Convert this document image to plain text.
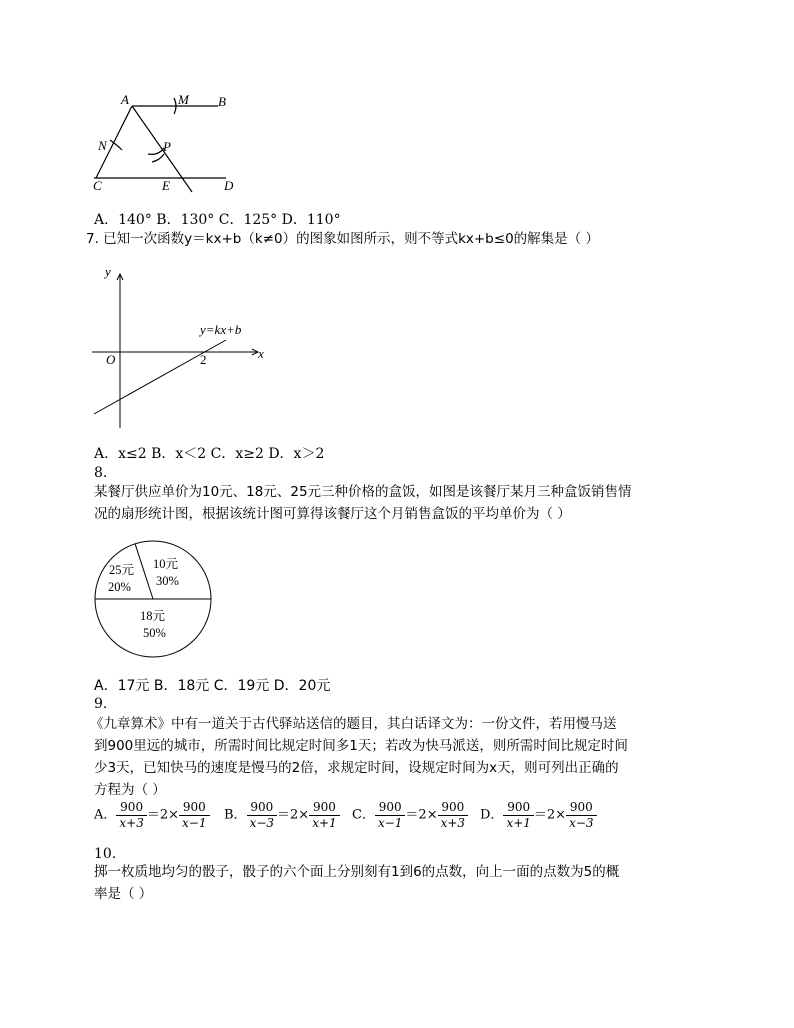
A	M B
N	P
C	E	D
A．140° B．130° C．125° D．110°
7. 已知一次函数y＝kx+b（k≠0）的图象如图所示，则不等式kx+b≤0的解集是（ ）
y
x
O	2
y=kx+b
A．x≤2 B．x＜2 C．x≥2 D．x＞2
8.
某餐厅供应单价为10元、18元、25元三种价格的盒饭，如图是该餐厅某月三种盒饭销售情
况的扇形统计图，根据该统计图可算得该餐厅这个月销售盒饭的平均单价为（ ）
25元
20%
10元
30%
18元
50%
A．17元 B．18元 C．19元 D．20元
9.
《九章算术》中有一道关于古代驿站送信的题目，其白话译文为：一份文件，若用慢马送
到900里远的城市，所需时间比规定时间多1天；若改为快马派送，则所需时间比规定时间
少3天，已知快马的速度是慢马的2倍，求规定时间，设规定时间为x天，则可列出正确的
方程为（ ）
A． $\frac{900}{x+3} =2\times \frac{900}{x-1}$ B． $\frac{900}{x-3} =2\times \frac{900}{x+1}$ C． $\frac{900}{x-1} =2\times \frac{900}{x+3}$ D． $\frac{900}{x+1} =2\times \frac{900}{x-3}$
10.
掷一枚质地均匀的骰子，骰子的六个面上分别刻有1到6的点数，向上一面的点数为5的概
率是（ ）
